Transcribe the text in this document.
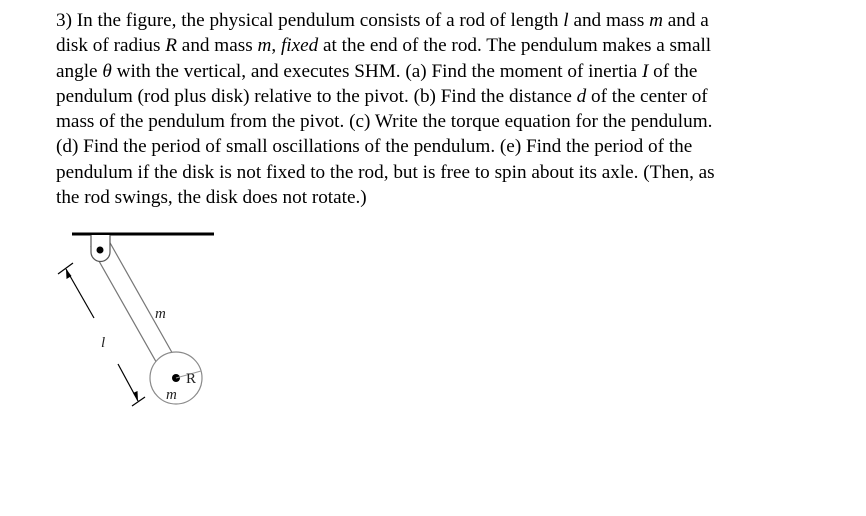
3) In the figure, the physical pendulum consists of a rod of length l and mass m and a
disk of radius R and mass m, fixed at the end of the rod. The pendulum makes a small
angle θ with the vertical, and executes SHM. (a) Find the moment of inertia I of the
pendulum (rod plus disk) relative to the pivot. (b) Find the distance d of the center of
mass of the pendulum from the pivot. (c) Write the torque equation for the pendulum.
(d) Find the period of small oscillations of the pendulum. (e) Find the period of the
pendulum if the disk is not fixed to the rod, but is free to spin about its axle. (Then, as
the rod swings, the disk does not rotate.)
m
l
R
m
